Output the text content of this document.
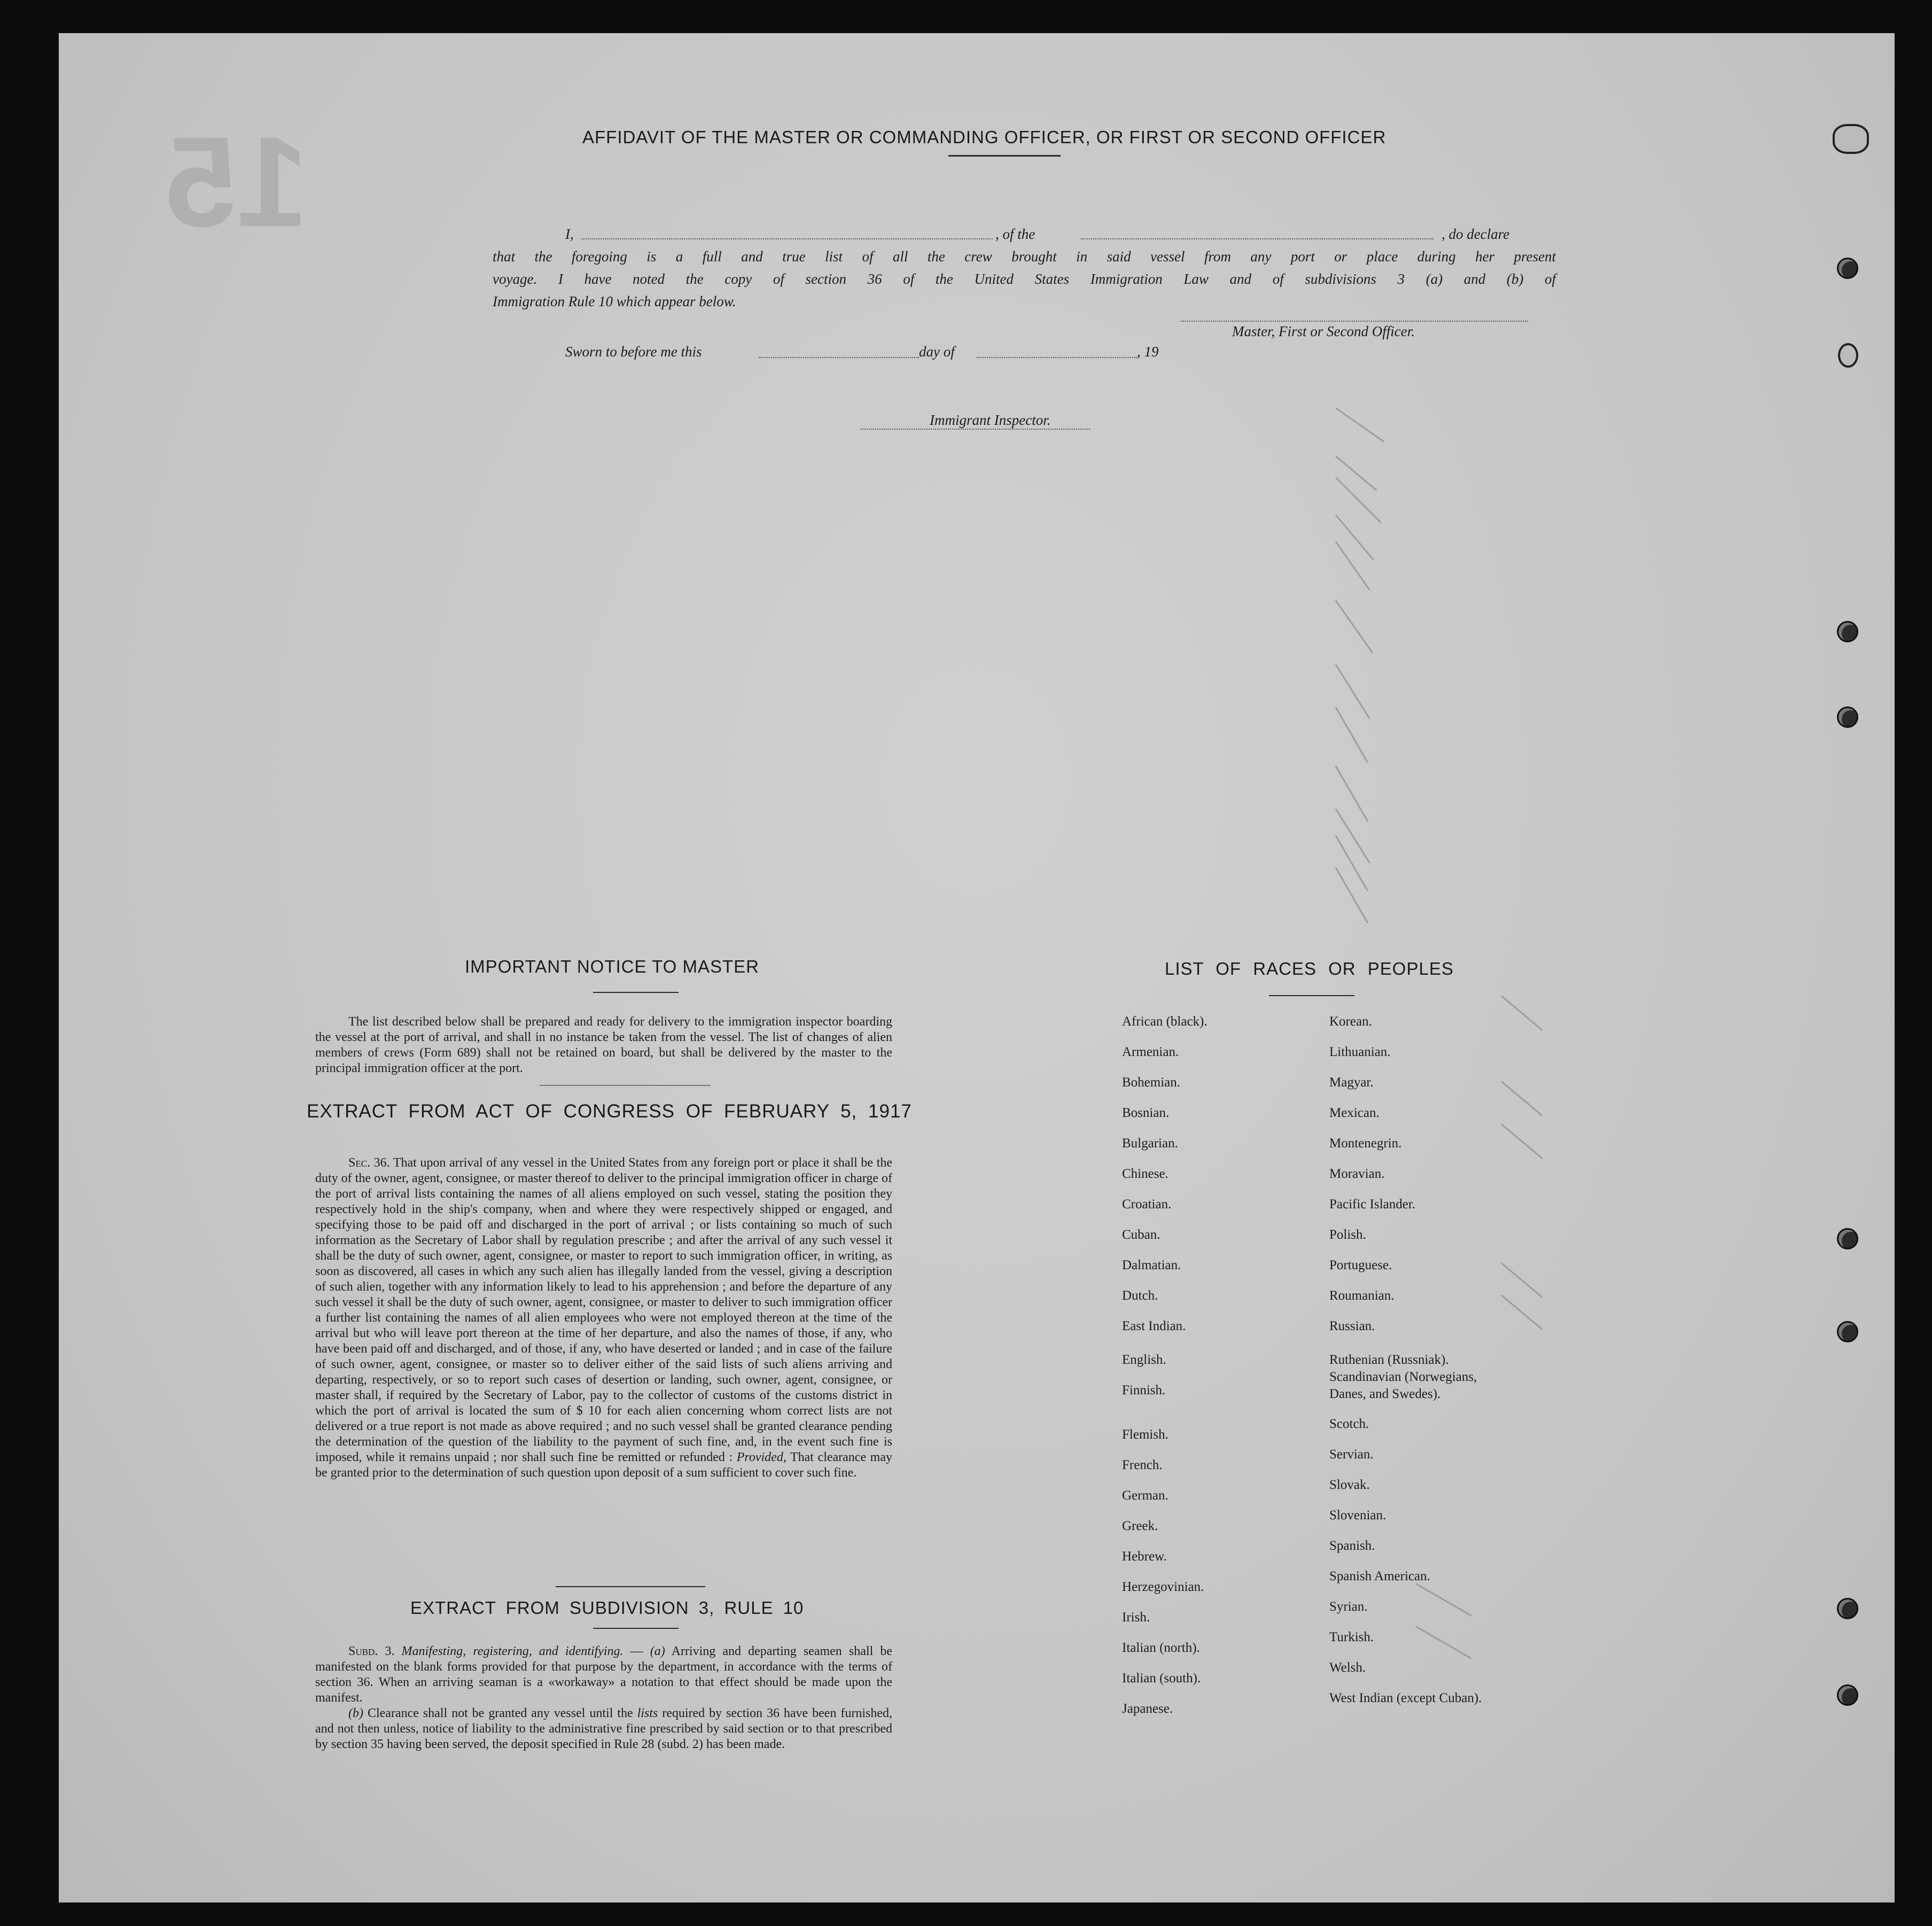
15	AFFIDAVIT OF THE MASTER OR COMMANDING OFFICER, OR FIRST OR SECOND OFFICER
I,	, of the	, do declare
that the foregoing is a full and true list of all the crew brought in said vessel from any port or place during her present
voyage. I have noted the copy of section 36 of the United States Immigration Law and of subdivisions 3 (a) and (b) of
Immigration Rule 10 which appear below.
Master, First or Second Officer.
Sworn to before me this	day of	, 19
Immigrant Inspector.
IMPORTANT NOTICE TO MASTER

The list described below shall be prepared and ready for delivery to the immigration inspector boarding the vessel at the port of arrival, and shall in no instance be taken from the vessel. The list of changes of alien members of crews (Form 689) shall not be retained on board, but shall be delivered by the master to the principal immigration officer at the port.

EXTRACT FROM ACT OF CONGRESS OF FEBRUARY 5, 1917

Sec. 36. That upon arrival of any vessel in the United States from any foreign port or place it shall be the duty of the owner, agent, consignee, or master thereof to deliver to the principal immigration officer in charge of the port of arrival lists containing the names of all aliens employed on such vessel, stating the position they respectively hold in the ship's company, when and where they were respectively shipped or engaged, and specifying those to be paid off and discharged in the port of arrival ; or lists containing so much of such information as the Secretary of Labor shall by regulation prescribe ; and after the arrival of any such vessel it shall be the duty of such owner, agent, consignee, or master to report to such immigration officer, in writing, as soon as discovered, all cases in which any such alien has illegally landed from the vessel, giving a description of such alien, together with any information likely to lead to his apprehension ; and before the departure of any such vessel it shall be the duty of such owner, agent, consignee, or master to deliver to such immigration officer a further list containing the names of all alien employees who were not employed thereon at the time of the arrival but who will leave port thereon at the time of her departure, and also the names of those, if any, who have been paid off and discharged, and of those, if any, who have deserted or landed ; and in case of the failure of such owner, agent, consignee, or master so to deliver either of the said lists of such aliens arriving and departing, respectively, or so to report such cases of desertion or landing, such owner, agent, consignee, or master shall, if required by the Secretary of Labor, pay to the collector of customs of the customs district in which the port of arrival is located the sum of $ 10 for each alien concerning whom correct lists are not delivered or a true report is not made as above required ; and no such vessel shall be granted clearance pending the determination of the question of the liability to the payment of such fine, and, in the event such fine is imposed, while it remains unpaid ; nor shall such fine be remitted or refunded : Provided, That clearance may be granted prior to the determination of such question upon deposit of a sum sufficient to cover such fine.

EXTRACT FROM SUBDIVISION 3, RULE 10

Subd. 3. Manifesting, registering, and identifying. — (a) Arriving and departing seamen shall be manifested on the blank forms provided for that purpose by the department, in accordance with the terms of section 36. When an arriving seaman is a «workaway» a notation to that effect should be made upon the manifest.

(b) Clearance shall not be granted any vessel until the lists required by section 36 have been furnished, and not then unless, notice of liability to the administrative fine prescribed by said section or to that prescribed by section 35 having been served, the deposit specified in Rule 28 (subd. 2) has been made.

LIST OF RACES OR PEOPLES
African (black).
Armenian.
Bohemian.
Bosnian.
Bulgarian.
Chinese.
Croatian.
Cuban.
Dalmatian.
Dutch.
East Indian.
English.
Finnish.
Flemish.
French.
German.
Greek.
Hebrew.
Herzegovinian.
Irish.
Italian (north).
Italian (south).
Japanese.
Korean.
Lithuanian.
Magyar.
Mexican.
Montenegrin.
Moravian.
Pacific Islander.
Polish.
Portuguese.
Roumanian.
Russian.
Ruthenian (Russniak).
Scandinavian (Norwegians,
Danes, and Swedes).
Scotch.
Servian.
Slovak.
Slovenian.
Spanish.
Spanish American.
Syrian.
Turkish.
Welsh.
West Indian (except Cuban).
